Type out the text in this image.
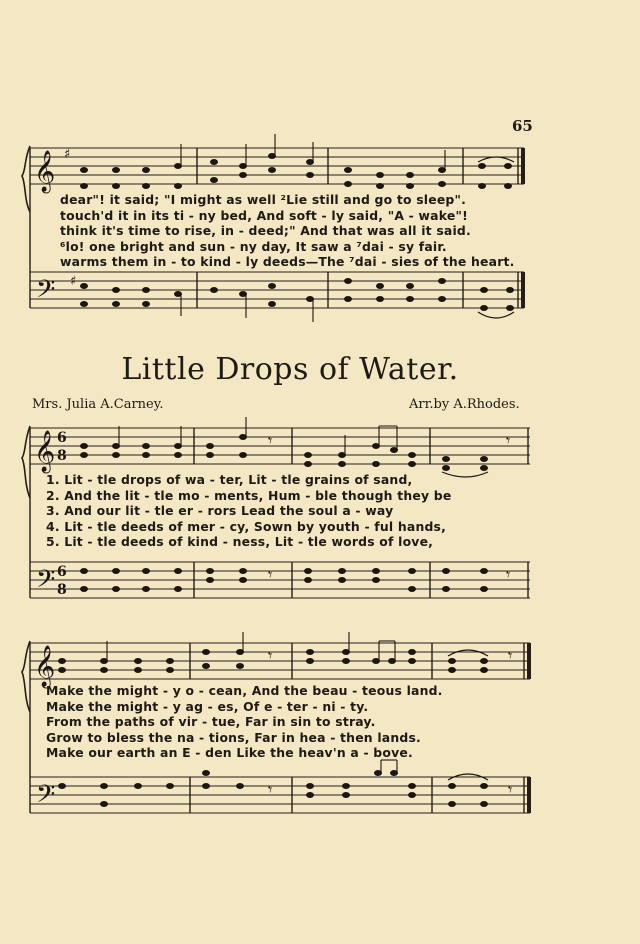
65
𝄞
𝄢
♯
♯
dear"! it said; "I might as well ²Lie still and go to sleep".
touch'd it in its ti - ny bed, And soft - ly said, "A - wake"!
think it's time to rise, in - deed;" And that was all it said.
⁶lo! one bright and sun - ny day, It saw a ⁷dai - sy fair.
warms them in - to kind - ly deeds—The ⁷dai - sies of the heart.
Little Drops of Water.
Mrs. Julia A.Carney.	Arr.by A.Rhodes.
𝄞
𝄢
6
8
6
8
𝄾	𝄾
𝄾	𝄾
1. Lit - tle drops of wa - ter, Lit - tle grains of sand,
2. And the lit - tle mo - ments, Hum - ble though they be
3. And our lit - tle er - rors Lead the soul a - way
4. Lit - tle deeds of mer - cy, Sown by youth - ful hands,
5. Lit - tle deeds of kind - ness, Lit - tle words of love,
𝄞
𝄢
𝄾	𝄾
𝄾	𝄾
Make the might - y o - cean, And the beau - teous land.
Make the might - y ag - es, Of e - ter - ni - ty.
From the paths of vir - tue, Far in sin to stray.
Grow to bless the na - tions, Far in hea - then lands.
Make our earth an E - den Like the heav'n a - bove.
